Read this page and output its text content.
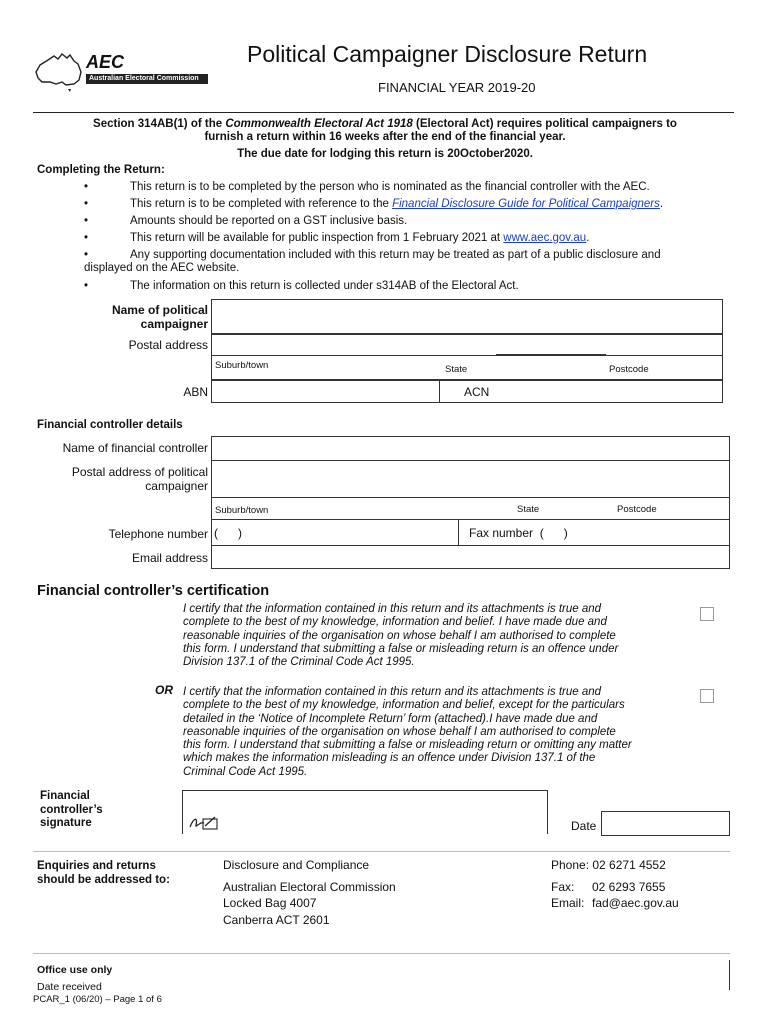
AEC
Australian Electoral Commission
Political Campaigner Disclosure Return
FINANCIAL YEAR 2019-20
Section 314AB(1) of the Commonwealth Electoral Act 1918 (Electoral Act) requires political campaigners to
furnish a return within 16 weeks after the end of the financial year.
The due date for lodging this return is 20October2020.
Completing the Return:
•	This return is to be completed by the person who is nominated as the financial controller with the AEC.
•	This return is to be completed with reference to the Financial Disclosure Guide for Political Campaigners.
•	Amounts should be reported on a GST inclusive basis.
•	This return will be available for public inspection from 1 February 2021 at www.aec.gov.au.
•	Any supporting documentation included with this return may be treated as part of a public disclosure and
displayed on the AEC website.
•	The information on this return is collected under s314AB of the Electoral Act.
Name of political
campaigner
Postal address
Suburb/town	State	Postcode
ABN	ACN
Financial controller details
Name of financial controller
Postal address of political
campaigner
Suburb/town	State	Postcode
Telephone number (      )	Fax number  (      )
Email address
Financial controller’s certification
I certify that the information contained in this return and its attachments is true and
complete to the best of my knowledge, information and belief. I have made due and
reasonable inquiries of the organisation on whose behalf I am authorised to complete
this form. I understand that submitting a false or misleading return is an offence under
Division 137.1 of the Criminal Code Act 1995.
OR I certify that the information contained in this return and its attachments is true and
complete to the best of my knowledge, information and belief, except for the particulars
detailed in the ‘Notice of Incomplete Return’ form (attached).I have made due and
reasonable inquiries of the organisation on whose behalf I am authorised to complete
this form. I understand that submitting a false or misleading return or omitting any matter
which makes the information misleading is an offence under Division 137.1 of the
Criminal Code Act 1995.
Financial
controller’s
signature	Date
Enquiries and returns
should be addressed to:
Disclosure and Compliance
Australian Electoral Commission
Locked Bag 4007
Canberra ACT 2601
Phone: 02 6271 4552
Fax: 02 6293 7655
Email: fad@aec.gov.au
Office use only
Date received
PCAR_1 (06/20) – Page 1 of 6
